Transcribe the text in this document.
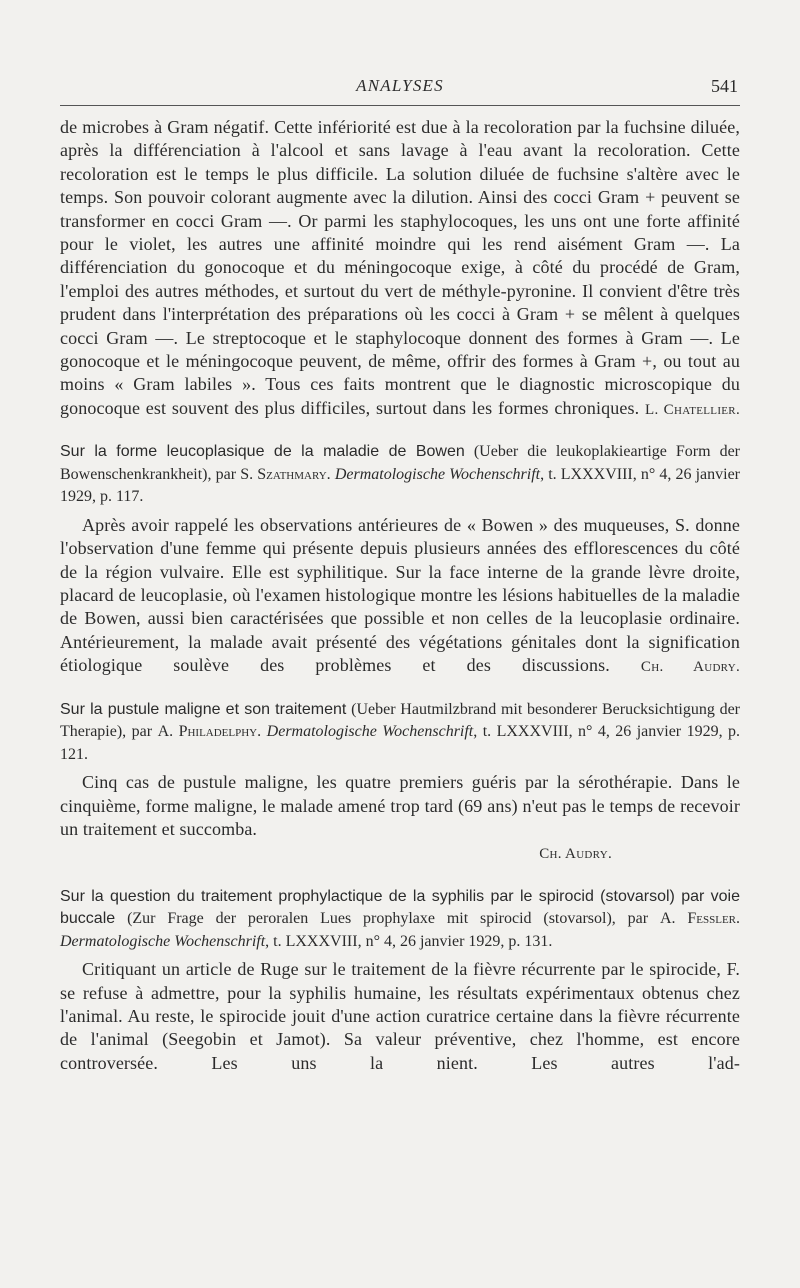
ANALYSES	541

de microbes à Gram négatif. Cette infériorité est due à la recoloration par la fuchsine diluée, après la différenciation à l'alcool et sans lavage à l'eau avant la recoloration. Cette recoloration est le temps le plus difficile. La solution diluée de fuchsine s'altère avec le temps. Son pouvoir colorant augmente avec la dilution. Ainsi des cocci Gram + peuvent se transformer en cocci Gram —. Or parmi les staphylocoques, les uns ont une forte affinité pour le violet, les autres une affinité moindre qui les rend aisément Gram —. La différenciation du gonocoque et du méningocoque exige, à côté du procédé de Gram, l'emploi des autres méthodes, et surtout du vert de méthyle-pyronine. Il convient d'être très prudent dans l'interprétation des préparations où les cocci à Gram + se mêlent à quelques cocci Gram —. Le streptocoque et le staphylocoque donnent des formes à Gram —. Le gonocoque et le méningocoque peuvent, de même, offrir des formes à Gram +, ou tout au moins « Gram labiles ». Tous ces faits montrent que le diagnostic microscopique du gonocoque est souvent des plus difficiles, surtout dans les formes chroniques. L. Chatellier.

Sur la forme leucoplasique de la maladie de Bowen (Ueber die leukoplakieartige Form der Bowenschenkrankheit), par S. Szathmary. Dermatologische Wochenschrift, t. LXXXVIII, n° 4, 26 janvier 1929, p. 117.

Après avoir rappelé les observations antérieures de « Bowen » des muqueuses, S. donne l'observation d'une femme qui présente depuis plusieurs années des efflorescences du côté de la région vulvaire. Elle est syphilitique. Sur la face interne de la grande lèvre droite, placard de leucoplasie, où l'examen histologique montre les lésions habituelles de la maladie de Bowen, aussi bien caractérisées que possible et non celles de la leucoplasie ordinaire. Antérieurement, la malade avait présenté des végétations génitales dont la signification étiologique soulève des problèmes et des discussions. Ch. Audry.

Sur la pustule maligne et son traitement (Ueber Hautmilzbrand mit besonderer Berucksichtigung der Therapie), par A. Philadelphy. Dermatologische Wochenschrift, t. LXXXVIII, n° 4, 26 janvier 1929, p. 121.

Cinq cas de pustule maligne, les quatre premiers guéris par la sérothérapie. Dans le cinquième, forme maligne, le malade amené trop tard (69 ans) n'eut pas le temps de recevoir un traitement et succomba.

Ch. Audry.

Sur la question du traitement prophylactique de la syphilis par le spirocid (stovarsol) par voie buccale (Zur Frage der peroralen Lues prophylaxe mit spirocid (stovarsol), par A. Fessler. Dermatologische Wochenschrift, t. LXXXVIII, n° 4, 26 janvier 1929, p. 131.

Critiquant un article de Ruge sur le traitement de la fièvre récurrente par le spirocide, F. se refuse à admettre, pour la syphilis humaine, les résultats expérimentaux obtenus chez l'animal. Au reste, le spirocide jouit d'une action curatrice certaine dans la fièvre récurrente de l'animal (Seegobin et Jamot). Sa valeur préventive, chez l'homme, est encore controversée. Les uns la nient. Les autres l'ad-
